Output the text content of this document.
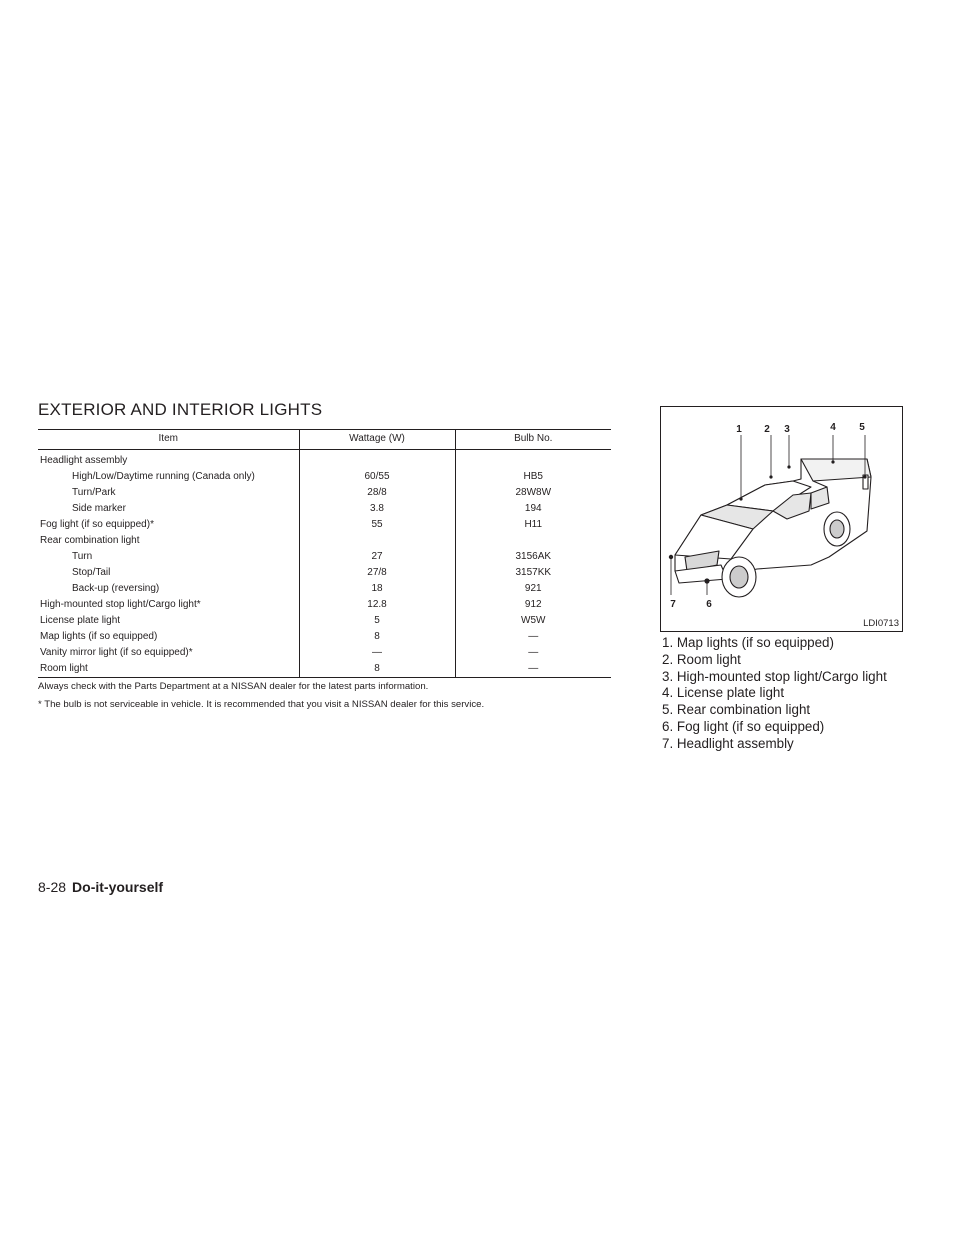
EXTERIOR AND INTERIOR LIGHTS
Item	Wattage (W)	Bulb No.
Headlight assembly		
High/Low/Daytime running (Canada only)	60/55	HB5
Turn/Park	28/8	28W8W
Side marker	3.8	194
Fog light (if so equipped)*	55	H11
Rear combination light		
Turn	27	3156AK
Stop/Tail	27/8	3157KK
Back-up (reversing)	18	921
High-mounted stop light/Cargo light*	12.8	912
License plate light	5	W5W
Map lights (if so equipped)	8	—
Vanity mirror light (if so equipped)*	—	—
Room light	8	—

Always check with the Parts Department at a NISSAN dealer for the latest parts information.

* The bulb is not serviceable in vehicle. It is recommended that you visit a NISSAN dealer for this service.

1 2 3	4 5
6
7
LDI0713
1. Map lights (if so equipped)
2. Room light
3. High-mounted stop light/Cargo light
4. License plate light
5. Rear combination light
6. Fog light (if so equipped)
7. Headlight assembly
8-28 Do-it-yourself
